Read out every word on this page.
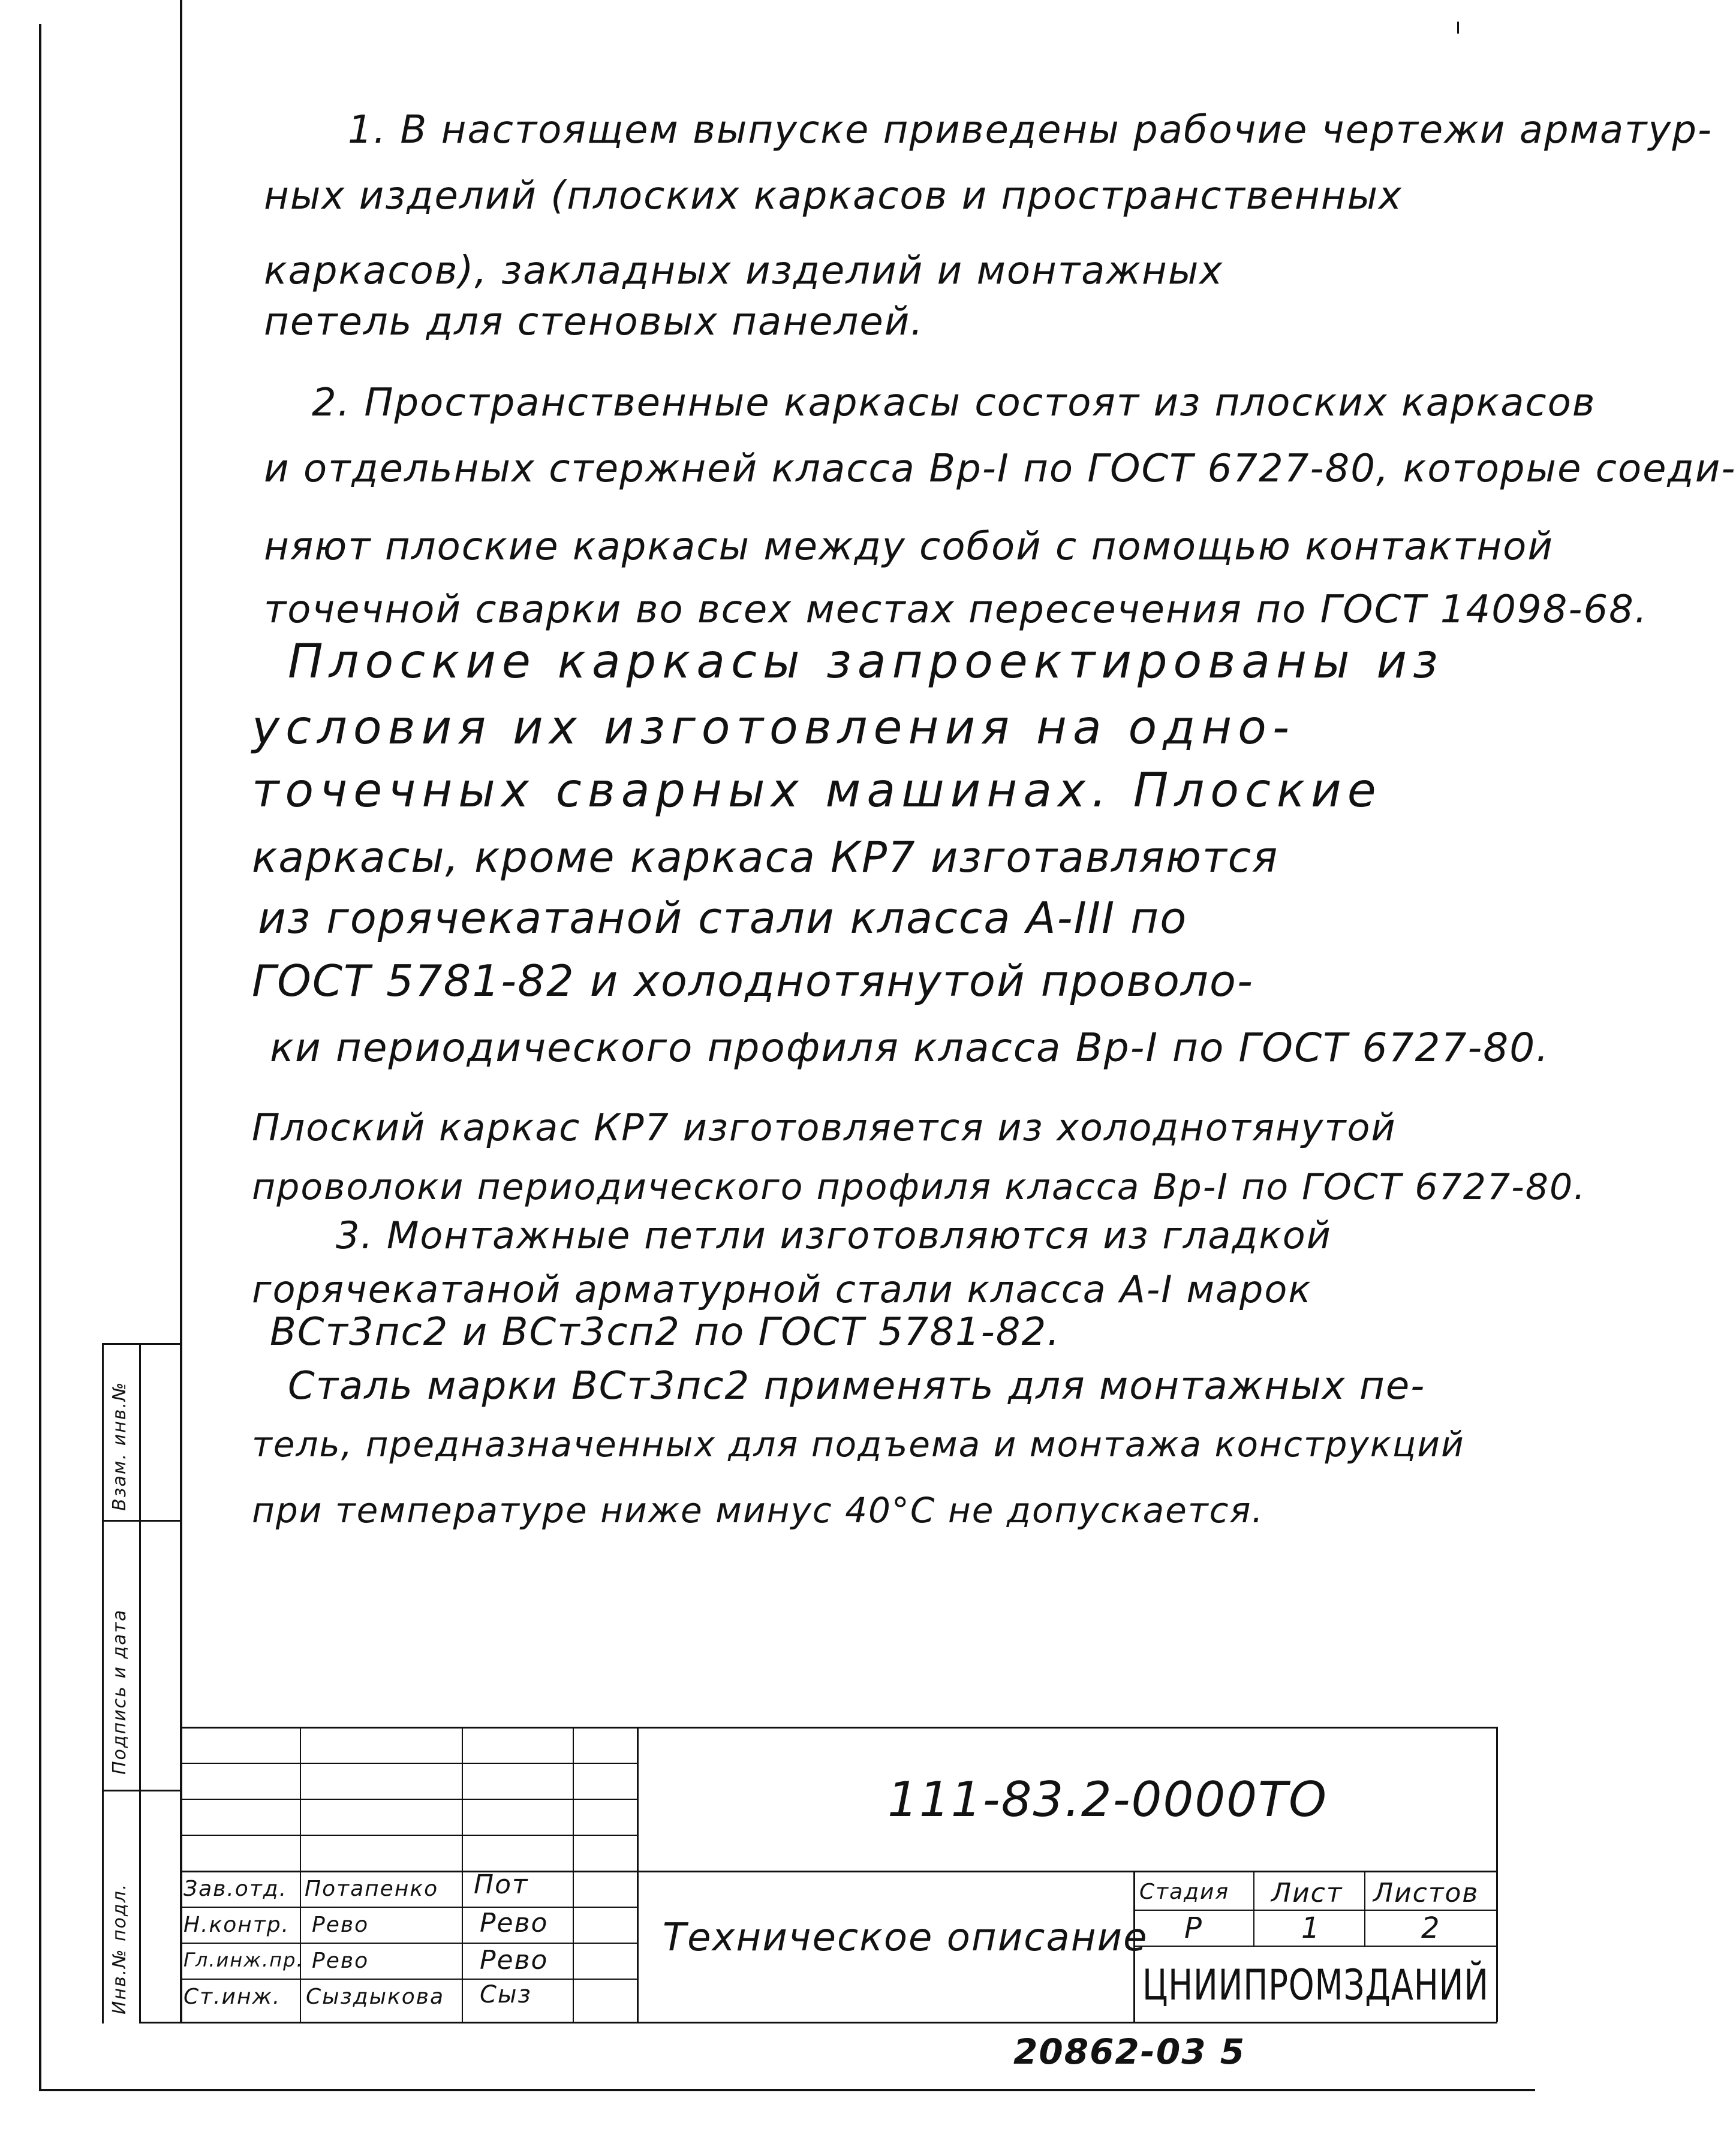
Взам. инв.№
Подпись и дата
Инв.№ подл.
1. В настоящем выпуске приведены рабочие чертежи арматур-
ных изделий (плоских каркасов и пространственных
каркасов), закладных изделий и монтажных
петель для стеновых панелей.
2. Пространственные каркасы состоят из плоских каркасов
и отдельных стержней класса Вр-I по ГОСТ 6727-80, которые соеди-
няют плоские каркасы между собой с помощью контактной
точечной сварки во всех местах пересечения по ГОСТ 14098-68.
Плоские каркасы запроектированы из
условия их изготовления на одно-
точечных сварных машинах. Плоские
каркасы, кроме каркаса КР7 изготавляются
из горячекатаной стали класса А-III по
ГОСТ 5781-82 и холоднотянутой проволо-
ки периодического профиля класса Вр-I по ГОСТ 6727-80.
Плоский каркас КР7 изготовляется из холоднотянутой
проволоки периодического профиля класса Вр-I по ГОСТ 6727-80.
3. Монтажные петли изготовляются из гладкой
горячекатаной арматурной стали класса А-I марок
ВСт3пс2 и ВСт3сп2 по ГОСТ 5781-82.
Сталь марки ВСт3пс2 применять для монтажных пе-
тель, предназначенных для подъема и монтажа конструкций
при температуре ниже минус 40°С не допускается.
111-83.2-0000ТО
Техническое описание
Стадия Лист Листов
Р	1	2
ЦНИИПРОМЗДАНИЙ
Зав.отд. Потапенко Пот
Н.контр. Рево	Рево
Гл.инж.пр. Рево	Рево
Ст.инж. Сыздыкова Сыз
20862-03 5
